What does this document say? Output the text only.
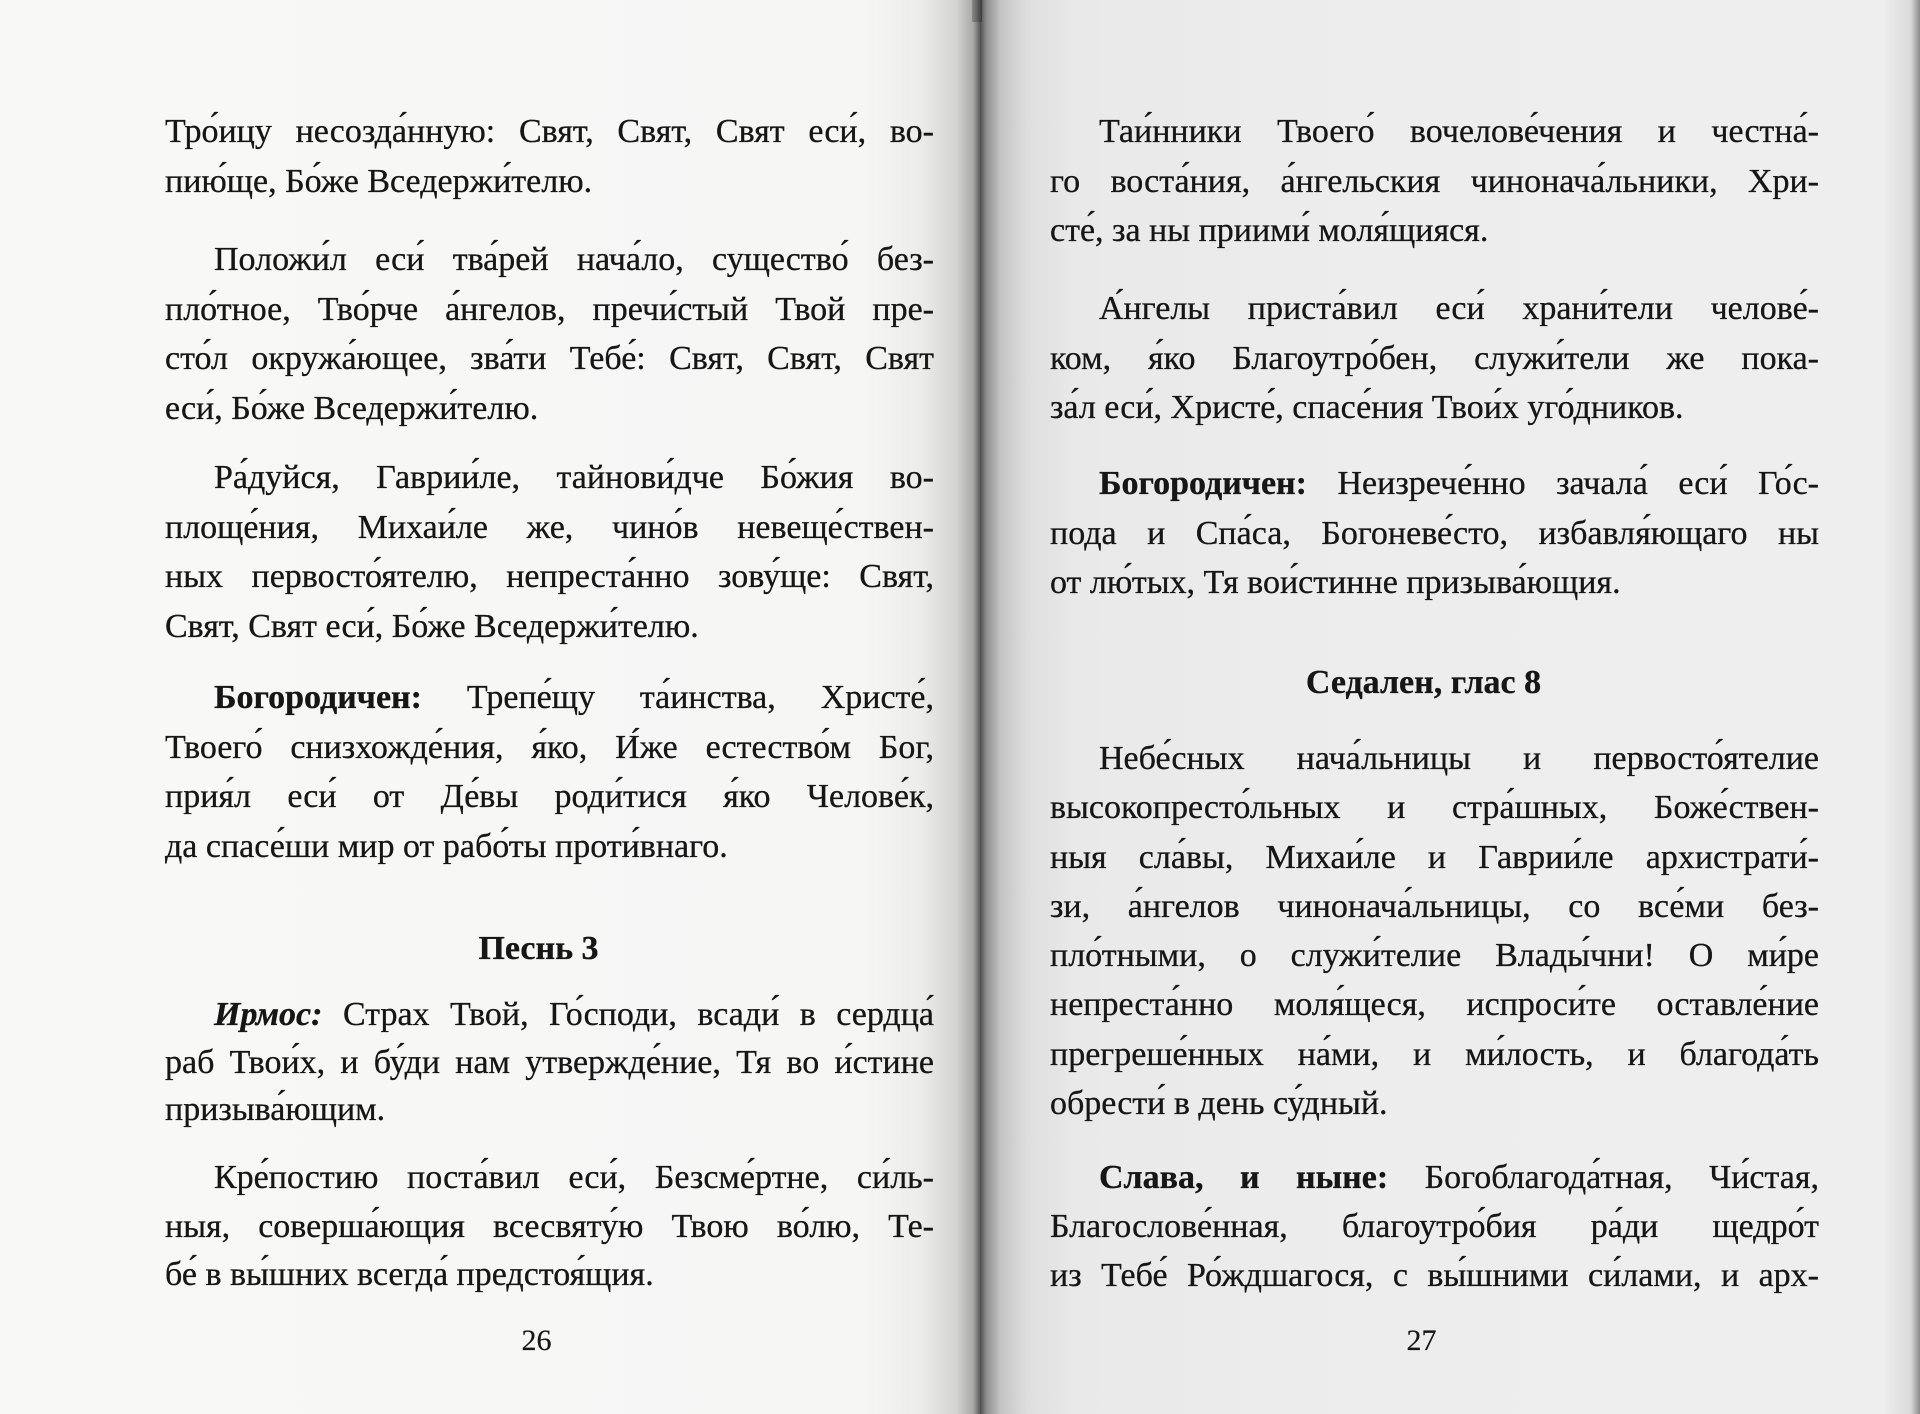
Тро́ицу несозда́нную: Свят, Свят, Свят еси́, во-
пию́ще, Бо́же Вседержи́телю.
Положи́л еси́ тва́рей нача́ло, существо́ без-
пло́тное, Тво́рче а́нгелов, пречи́стый Твой пре-
сто́л окружа́ющее, зва́ти Тебе́: Свят, Свят, Свят
еси́, Бо́же Вседержи́телю.
Ра́дуйся, Гаврии́ле, тайнови́дче Бо́жия во-
площе́ния, Михаи́ле же, чино́в невеще́ствен-
ных первосто́ятелю, непреста́нно зову́ще: Свят,
Свят, Свят еси́, Бо́же Вседержи́телю.
Богородичен: Трепе́щу та́инства, Христе́,
Твоего́ снизхожде́ния, я́ко, И́же естество́м Бог,
прия́л еси́ от Де́вы роди́тися я́ко Челове́к,
да спасе́ши мир от рабо́ты проти́внаго.
Песнь 3
Ирмос: Страх Твой, Го́споди, всади́ в сердца́
раб Твои́х, и бу́ди нам утвержде́ние, Тя во и́стине
призыва́ющим.
Кре́постию поста́вил еси́, Безсме́ртне, си́ль-
ныя, соверша́ющия всесвяту́ю Твою во́лю, Те-
бе́ в вы́шних всегда́ предстоя́щия.
26
Таи́нники Твоего́ вочелове́чения и честна́-
го воста́ния, а́нгельския чинонача́льники, Хри-
сте́, за ны приими́ моля́щияся.
А́нгелы приста́вил еси́ храни́тели челове́-
ком, я́ко Благоутро́бен, служи́тели же пока-
за́л еси́, Христе́, спасе́ния Твои́х уго́дников.
Богородичен: Неизрече́нно зачала́ еси́ Го́с-
пода и Спа́са, Богоневе́сто, избавля́ющаго ны
от лю́тых, Тя вои́стинне призыва́ющия.
Седален, глас 8
Небе́сных нача́льницы и первосто́ятелие
высокопресто́льных и стра́шных, Боже́ствен-
ныя сла́вы, Михаи́ле и Гаврии́ле архистрати́-
зи, а́нгелов чинонача́льницы, со все́ми без-
пло́тными, о служи́телие Влады́чни! О ми́ре
непреста́нно моля́щеся, испроси́те оставле́ние
прегреше́нных на́ми, и ми́лость, и благода́ть
обрести́ в день су́дный.
Слава, и ныне: Богоблагода́тная, Чи́стая,
Благослове́нная, благоутро́бия ра́ди щедро́т
из Тебе́ Ро́ждшагося, с вы́шними си́лами, и арх-
27
